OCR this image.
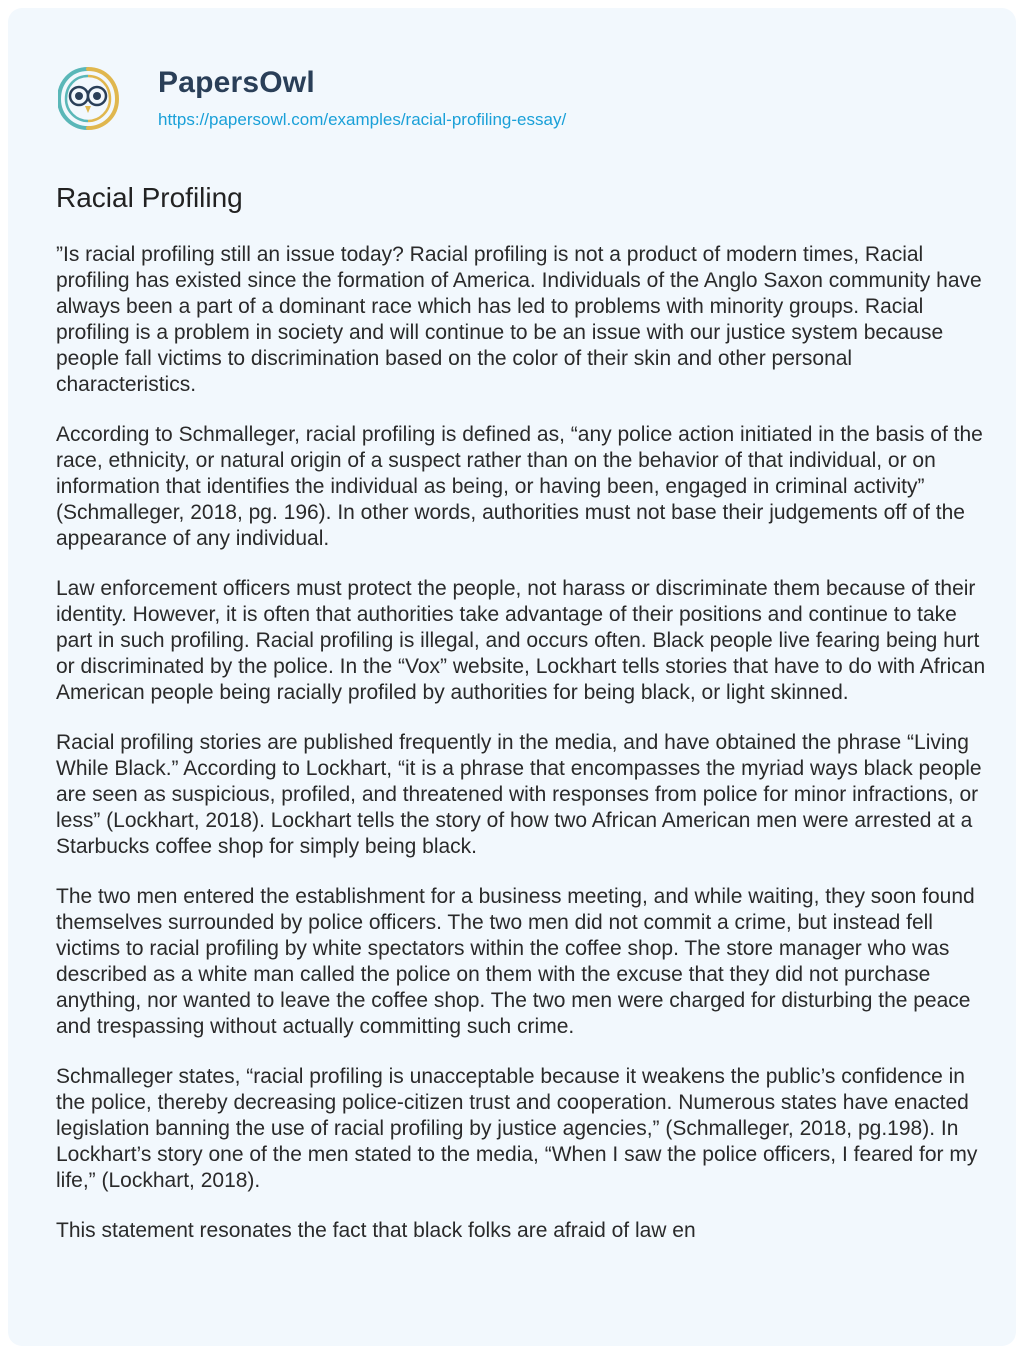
PapersOwl
https://papersowl.com/examples/racial-profiling-essay/
Racial Profiling

”Is racial profiling still an issue today? Racial profiling is not a product of modern times, Racial profiling has existed since the formation of America. Individuals of the Anglo Saxon community have always been a part of a dominant race which has led to problems with minority groups. Racial profiling is a problem in society and will continue to be an issue with our justice system because people fall victims to discrimination based on the color of their skin and other personal characteristics.

According to Schmalleger, racial profiling is defined as, “any police action initiated in the basis of the race, ethnicity, or natural origin of a suspect rather than on the behavior of that individual, or on information that identifies the individual as being, or having been, engaged in criminal activity” (Schmalleger, 2018, pg. 196). In other words, authorities must not base their judgements off of the appearance of any individual.

Law enforcement officers must protect the people, not harass or discriminate them because of their identity. However, it is often that authorities take advantage of their positions and continue to take part in such profiling. Racial profiling is illegal, and occurs often. Black people live fearing being hurt or discriminated by the police. In the “Vox” website, Lockhart tells stories that have to do with African American people being racially profiled by authorities for being black, or light skinned.

Racial profiling stories are published frequently in the media, and have obtained the phrase “Living While Black.” According to Lockhart, “it is a phrase that encompasses the myriad ways black people are seen as suspicious, profiled, and threatened with responses from police for minor infractions, or less” (Lockhart, 2018). Lockhart tells the story of how two African American men were arrested at a Starbucks coffee shop for simply being black.

The two men entered the establishment for a business meeting, and while waiting, they soon found themselves surrounded by police officers. The two men did not commit a crime, but instead fell victims to racial profiling by white spectators within the coffee shop. The store manager who was described as a white man called the police on them with the excuse that they did not purchase anything, nor wanted to leave the coffee shop. The two men were charged for disturbing the peace and trespassing without actually committing such crime.

Schmalleger states, “racial profiling is unacceptable because it weakens the public’s confidence in the police, thereby decreasing police-citizen trust and cooperation. Numerous states have enacted legislation banning the use of racial profiling by justice agencies,” (Schmalleger, 2018, pg.198). In Lockhart’s story one of the men stated to the media, “When I saw the police officers, I feared for my life,” (Lockhart, 2018).

This statement resonates the fact that black folks are afraid of law en
